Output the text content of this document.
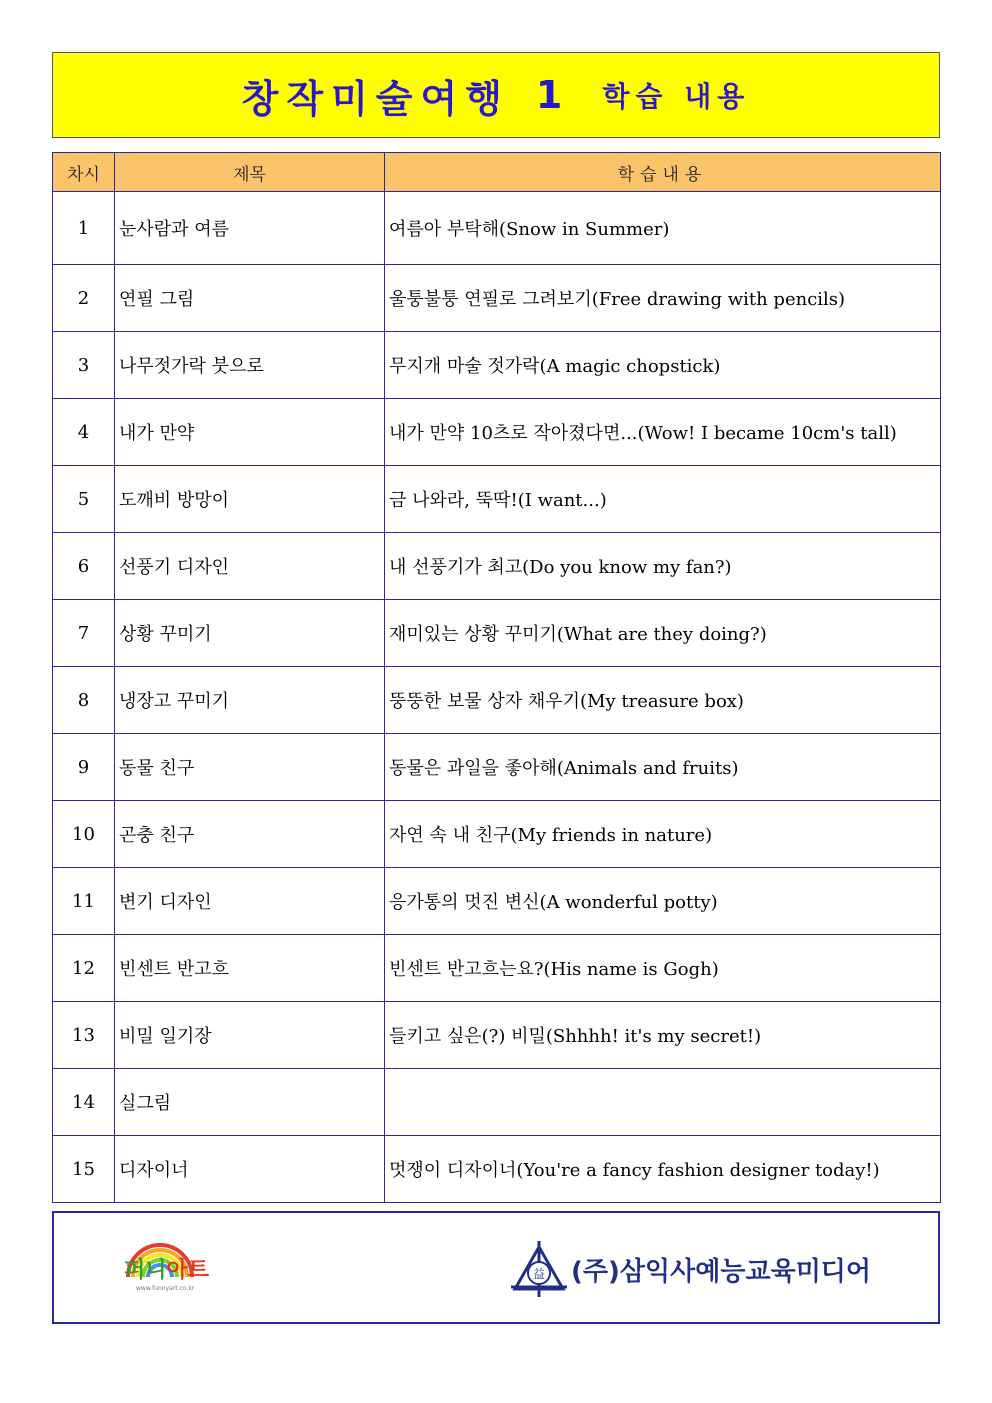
창작미술여행 1 학습 내용
차시	제목	학습내용
1	눈사람과 여름	여름아 부탁해(Snow in Summer)
2	연필 그림	울퉁불퉁 연필로 그려보기(Free drawing with pencils)
3	나무젓가락 붓으로	무지개 마술 젓가락(A magic chopstick)
4	내가 만약	내가 만약 10츠로 작아졌다면...(Wow! I became 10cm's tall)
5	도깨비 방망이	금 나와라, 뚝딱!(I want...)
6	선풍기 디자인	내 선풍기가 최고(Do you know my fan?)
7	상황 꾸미기	재미있는 상황 꾸미기(What are they doing?)
8	냉장고 꾸미기	뚱뚱한 보물 상자 채우기(My treasure box)
9	동물 친구	동물은 과일을 좋아해(Animals and fruits)
10	곤충 친구	자연 속 내 친구(My friends in nature)
11	변기 디자인	응가통의 멋진 변신(A wonderful potty)
12	빈센트 반고흐	빈센트 반고흐는요?(His name is Gogh)
13	비밀 일기장	들키고 싶은(?) 비밀(Shhhh! it's my secret!)
14	실그림	
15	디자이너	멋쟁이 디자이너(You're a fancy fashion designer today!)
퍼니아트
www.funnyart.co.kr
益 (주)삼익사예능교육미디어
